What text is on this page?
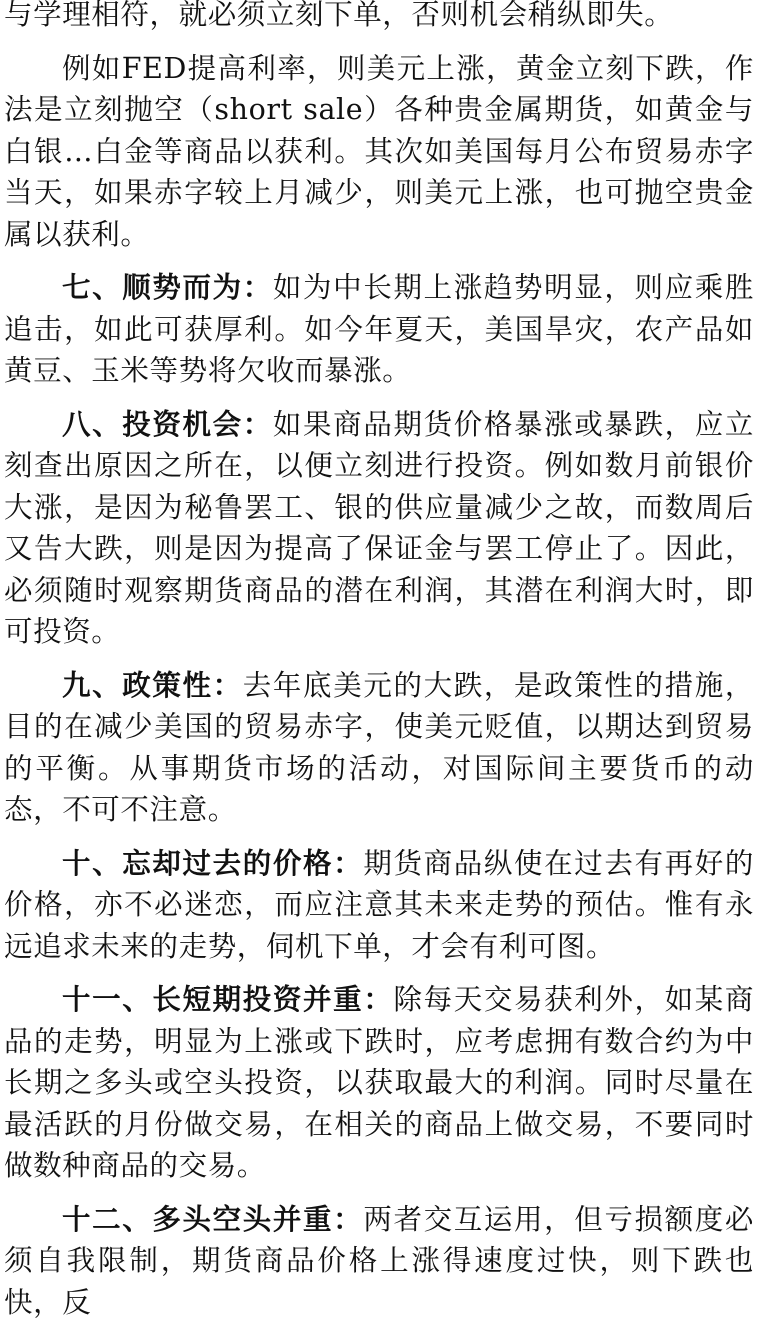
与学理相符，就必须立刻下单，否则机会稍纵即失。

例如FED提高利率，则美元上涨，黄金立刻下跌，作法是立刻抛空（short sale）各种贵金属期货，如黄金与白银…白金等商品以获利。其次如美国每月公布贸易赤字当天，如果赤字较上月减少，则美元上涨，也可抛空贵金属以获利。

七、顺势而为：如为中长期上涨趋势明显，则应乘胜追击，如此可获厚利。如今年夏天，美国旱灾，农产品如黄豆、玉米等势将欠收而暴涨。

八、投资机会：如果商品期货价格暴涨或暴跌，应立刻查出原因之所在，以便立刻进行投资。例如数月前银价大涨，是因为秘鲁罢工、银的供应量减少之故，而数周后又告大跌，则是因为提高了保证金与罢工停止了。因此，必须随时观察期货商品的潜在利润，其潜在利润大时，即可投资。

九、政策性：去年底美元的大跌，是政策性的措施，目的在减少美国的贸易赤字，使美元贬值，以期达到贸易的平衡。从事期货市场的活动，对国际间主要货币的动态，不可不注意。

十、忘却过去的价格：期货商品纵使在过去有再好的价格，亦不必迷恋，而应注意其未来走势的预估。惟有永远追求未来的走势，伺机下单，才会有利可图。

十一、长短期投资并重：除每天交易获利外，如某商品的走势，明显为上涨或下跌时，应考虑拥有数合约为中长期之多头或空头投资，以获取最大的利润。同时尽量在最活跃的月份做交易，在相关的商品上做交易，不要同时做数种商品的交易。

十二、多头空头并重：两者交互运用，但亏损额度必须自我限制，期货商品价格上涨得速度过快，则下跌也快，反
